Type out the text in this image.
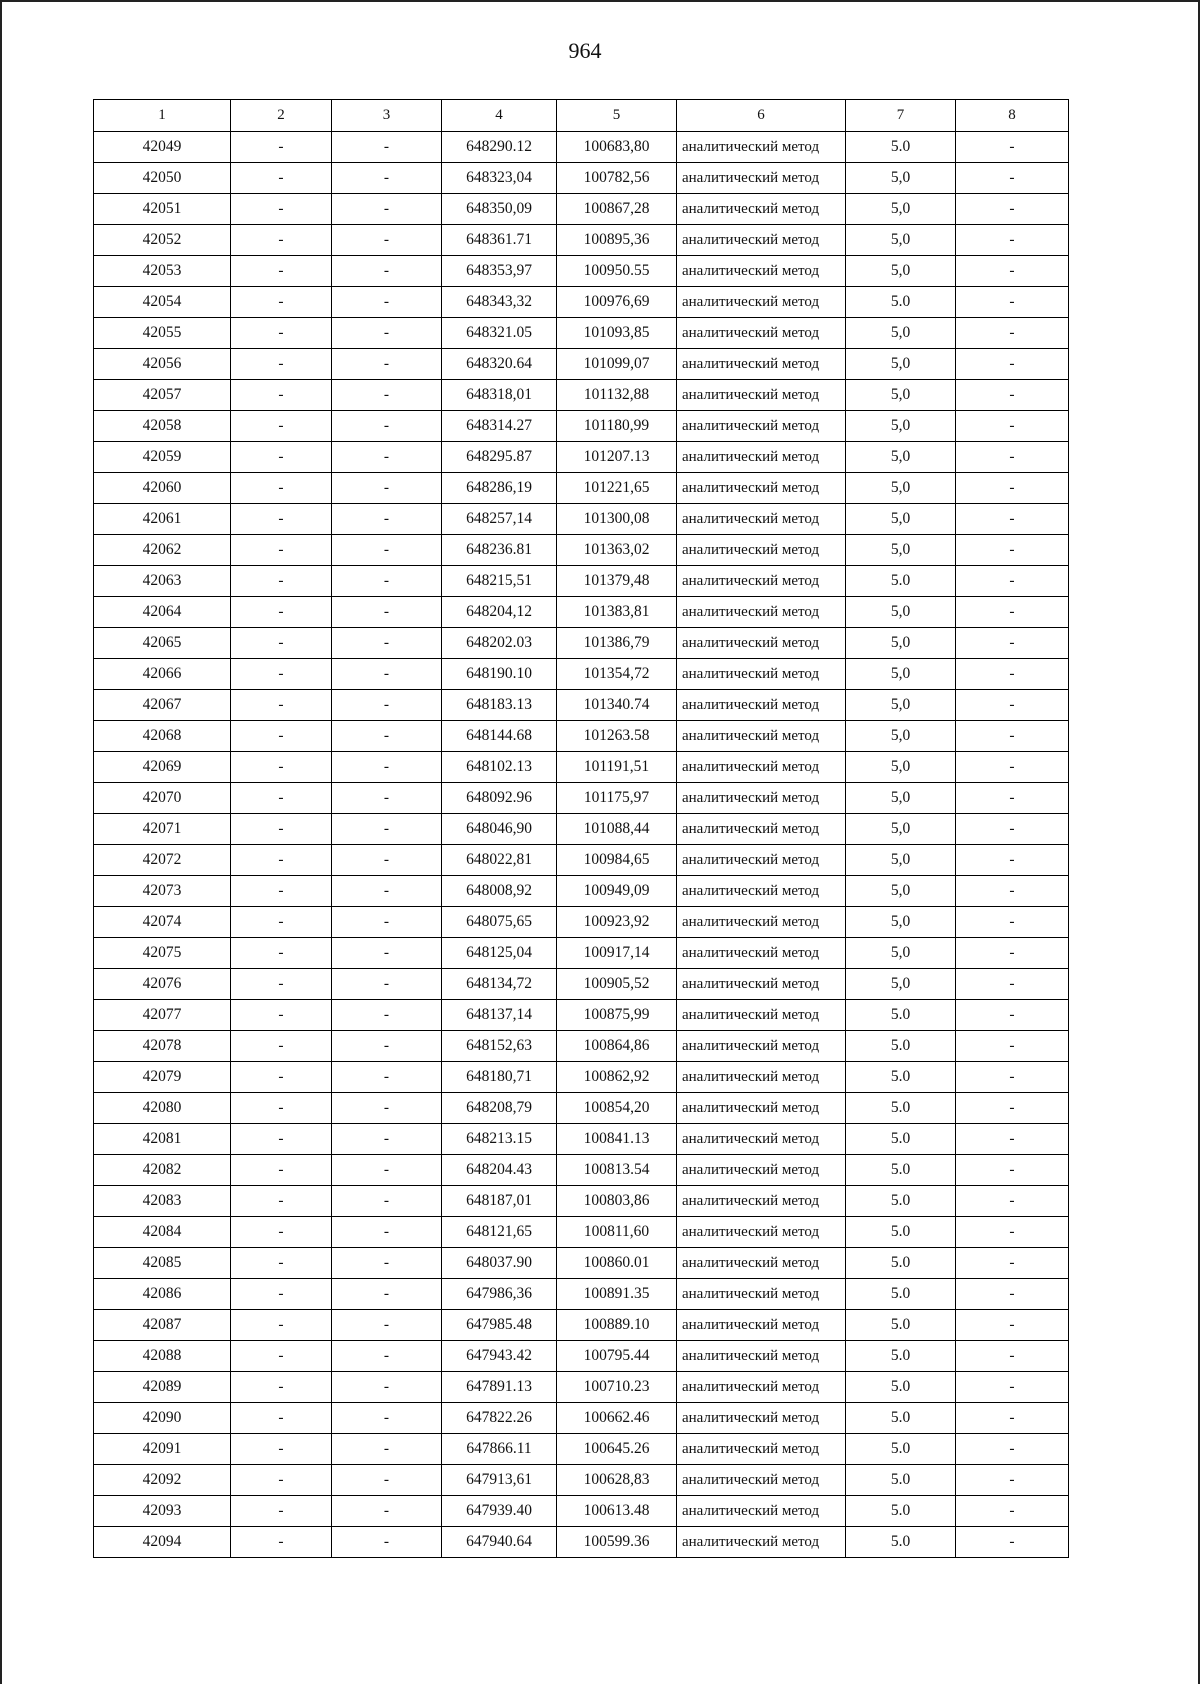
964
1	2	3	4	5	6	7	8
42049	-	-	648290.12	100683,80	аналитический метод	5.0	-
42050	-	-	648323,04	100782,56	аналитический метод	5,0	-
42051	-	-	648350,09	100867,28	аналитический метод	5,0	-
42052	-	-	648361.71	100895,36	аналитический метод	5,0	-
42053	-	-	648353,97	100950.55	аналитический метод	5,0	-
42054	-	-	648343,32	100976,69	аналитический метод	5.0	-
42055	-	-	648321.05	101093,85	аналитический метод	5,0	-
42056	-	-	648320.64	101099,07	аналитический метод	5,0	-
42057	-	-	648318,01	101132,88	аналитический метод	5,0	-
42058	-	-	648314.27	101180,99	аналитический метод	5,0	-
42059	-	-	648295.87	101207.13	аналитический метод	5,0	-
42060	-	-	648286,19	101221,65	аналитический метод	5,0	-
42061	-	-	648257,14	101300,08	аналитический метод	5,0	-
42062	-	-	648236.81	101363,02	аналитический метод	5,0	-
42063	-	-	648215,51	101379,48	аналитический метод	5.0	-
42064	-	-	648204,12	101383,81	аналитический метод	5,0	-
42065	-	-	648202.03	101386,79	аналитический метод	5,0	-
42066	-	-	648190.10	101354,72	аналитический метод	5,0	-
42067	-	-	648183.13	101340.74	аналитический метод	5,0	-
42068	-	-	648144.68	101263.58	аналитический метод	5,0	-
42069	-	-	648102.13	101191,51	аналитический метод	5,0	-
42070	-	-	648092.96	101175,97	аналитический метод	5,0	-
42071	-	-	648046,90	101088,44	аналитический метод	5,0	-
42072	-	-	648022,81	100984,65	аналитический метод	5,0	-
42073	-	-	648008,92	100949,09	аналитический метод	5,0	-
42074	-	-	648075,65	100923,92	аналитический метод	5,0	-
42075	-	-	648125,04	100917,14	аналитический метод	5,0	-
42076	-	-	648134,72	100905,52	аналитический метод	5,0	-
42077	-	-	648137,14	100875,99	аналитический метод	5.0	-
42078	-	-	648152,63	100864,86	аналитический метод	5.0	-
42079	-	-	648180,71	100862,92	аналитический метод	5.0	-
42080	-	-	648208,79	100854,20	аналитический метод	5.0	-
42081	-	-	648213.15	100841.13	аналитический метод	5.0	-
42082	-	-	648204.43	100813.54	аналитический метод	5.0	-
42083	-	-	648187,01	100803,86	аналитический метод	5.0	-
42084	-	-	648121,65	100811,60	аналитический метод	5.0	-
42085	-	-	648037.90	100860.01	аналитический метод	5.0	-
42086	-	-	647986,36	100891.35	аналитический метод	5.0	-
42087	-	-	647985.48	100889.10	аналитический метод	5.0	-
42088	-	-	647943.42	100795.44	аналитический метод	5.0	-
42089	-	-	647891.13	100710.23	аналитический метод	5.0	-
42090	-	-	647822.26	100662.46	аналитический метод	5.0	-
42091	-	-	647866.11	100645.26	аналитический метод	5.0	-
42092	-	-	647913,61	100628,83	аналитический метод	5.0	-
42093	-	-	647939.40	100613.48	аналитический метод	5.0	-
42094	-	-	647940.64	100599.36	аналитический метод	5.0	-
